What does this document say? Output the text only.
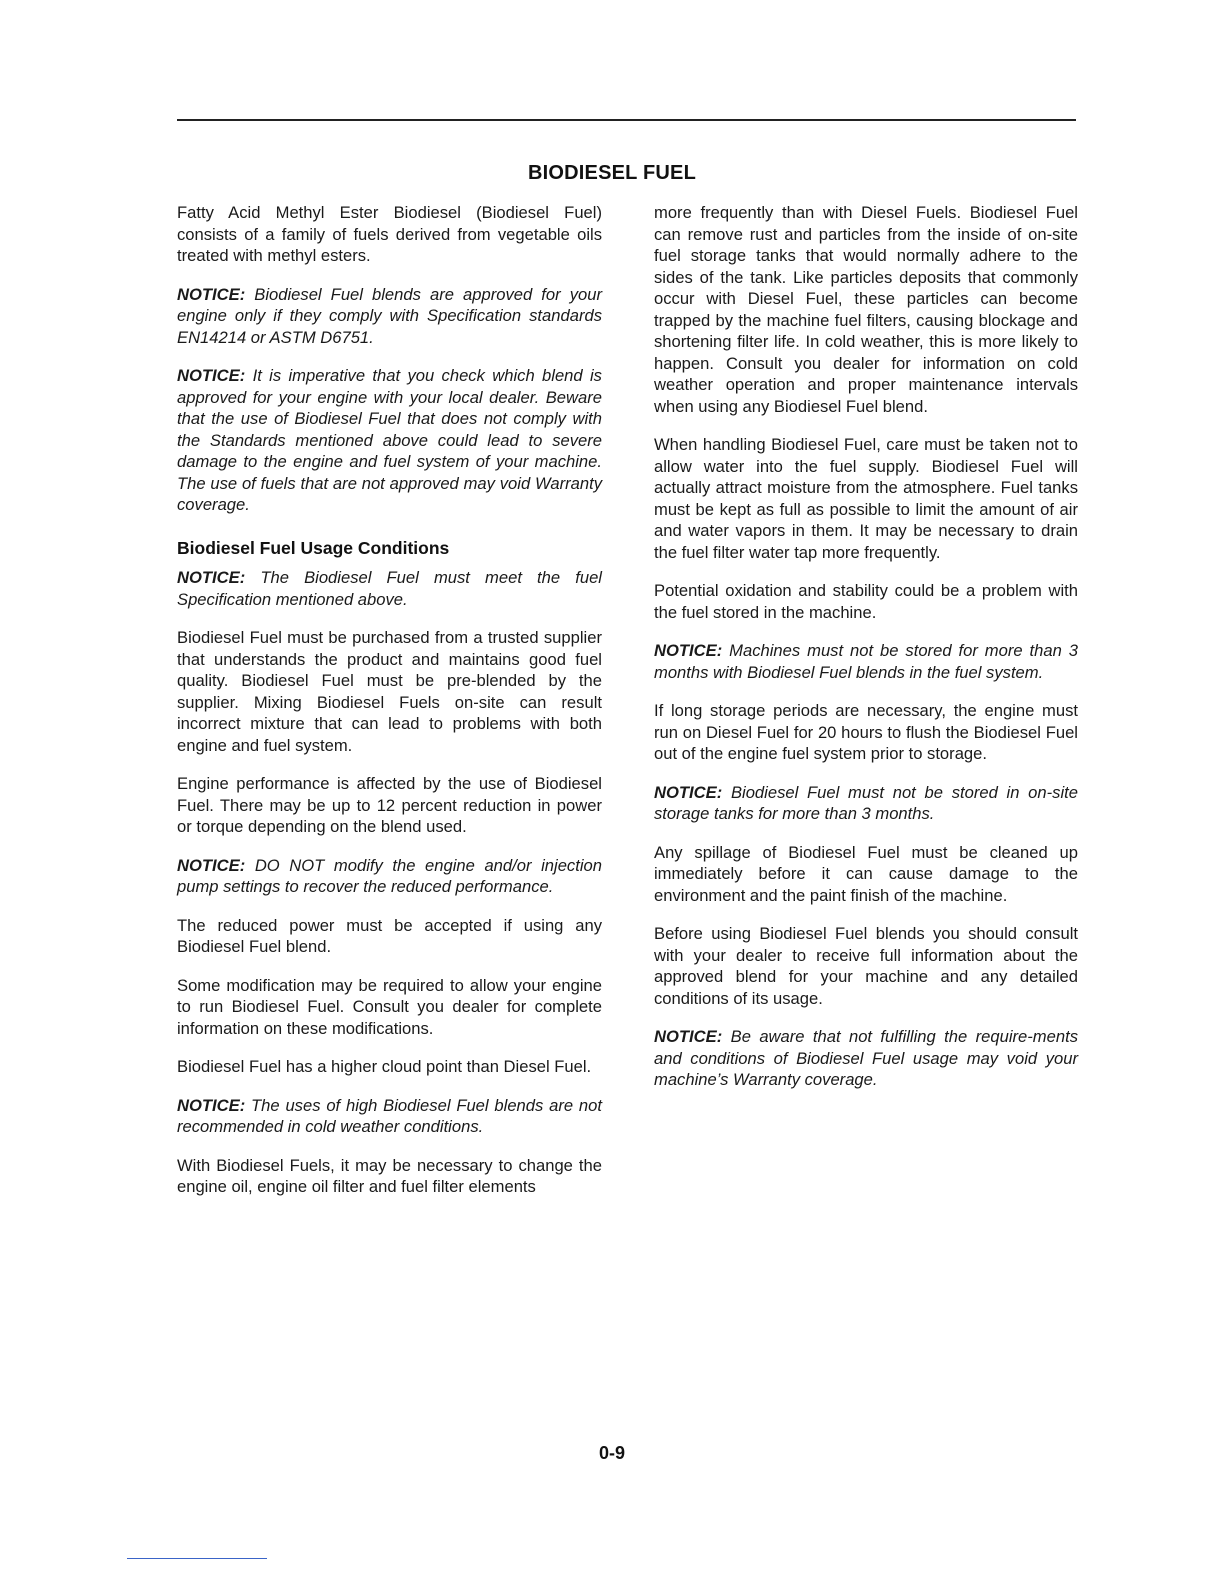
BIODIESEL FUEL

Fatty Acid Methyl Ester Biodiesel (Biodiesel Fuel) consists of a family of fuels derived from vegetable oils treated with methyl esters.

NOTICE: Biodiesel Fuel blends are approved for your engine only if they comply with Specification standards EN14214 or ASTM D6751.

NOTICE: It is imperative that you check which blend is approved for your engine with your local dealer. Beware that the use of Biodiesel Fuel that does not comply with the Standards mentioned above could lead to severe damage to the engine and fuel system of your machine. The use of fuels that are not approved may void Warranty coverage.

Biodiesel Fuel Usage Conditions

NOTICE: The Biodiesel Fuel must meet the fuel Specification mentioned above.

Biodiesel Fuel must be purchased from a trusted supplier that understands the product and maintains good fuel quality. Biodiesel Fuel must be pre-blended by the supplier. Mixing Biodiesel Fuels on-site can result incorrect mixture that can lead to problems with both engine and fuel system.

Engine performance is affected by the use of Biodiesel Fuel. There may be up to 12 percent reduction in power or torque depending on the blend used.

NOTICE: DO NOT modify the engine and/or injection pump settings to recover the reduced performance.

The reduced power must be accepted if using any Biodiesel Fuel blend.

Some modification may be required to allow your engine to run Biodiesel Fuel. Consult you dealer for complete information on these modifications.

Biodiesel Fuel has a higher cloud point than Diesel Fuel.

NOTICE: The uses of high Biodiesel Fuel blends are not recommended in cold weather conditions.

With Biodiesel Fuels, it may be necessary to change the engine oil, engine oil filter and fuel filter elements

more frequently than with Diesel Fuels. Biodiesel Fuel can remove rust and particles from the inside of on-site fuel storage tanks that would normally adhere to the sides of the tank. Like particles deposits that commonly occur with Diesel Fuel, these particles can become trapped by the machine fuel filters, causing blockage and shortening filter life. In cold weather, this is more likely to happen. Consult you dealer for information on cold weather operation and proper maintenance intervals when using any Biodiesel Fuel blend.

When handling Biodiesel Fuel, care must be taken not to allow water into the fuel supply. Biodiesel Fuel will actually attract moisture from the atmosphere. Fuel tanks must be kept as full as possible to limit the amount of air and water vapors in them. It may be necessary to drain the fuel filter water tap more frequently.

Potential oxidation and stability could be a problem with the fuel stored in the machine.

NOTICE: Machines must not be stored for more than 3 months with Biodiesel Fuel blends in the fuel system.

If long storage periods are necessary, the engine must run on Diesel Fuel for 20 hours to flush the Biodiesel Fuel out of the engine fuel system prior to storage.

NOTICE: Biodiesel Fuel must not be stored in on-site storage tanks for more than 3 months.

Any spillage of Biodiesel Fuel must be cleaned up immediately before it can cause damage to the environment and the paint finish of the machine.

Before using Biodiesel Fuel blends you should consult with your dealer to receive full information about the approved blend for your machine and any detailed conditions of its usage.

NOTICE: Be aware that not fulfilling the require-ments and conditions of Biodiesel Fuel usage may void your machine’s Warranty coverage.

0-9
